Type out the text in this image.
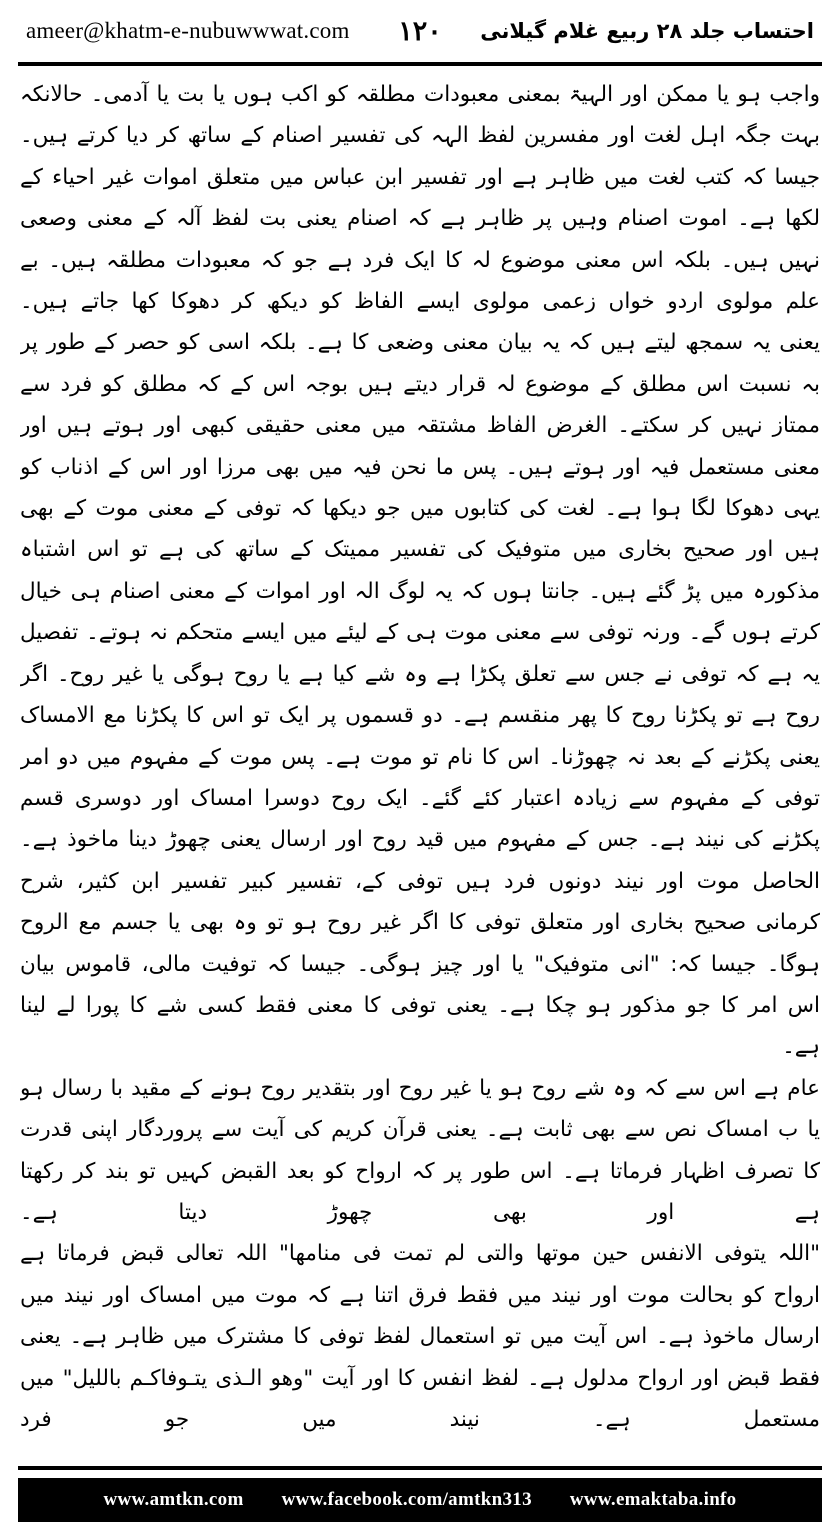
ameer@khatm-e-nubuwwwat.com ۱۲۰ احتساب جلد ۲۸ ربیع غلام گیلانی

واجب ہو یا ممکن اور الہیۃ بمعنی معبودات مطلقہ کو اکب ہوں یا بت یا آدمی۔ حالانکہ بہت جگہ اہل لغت اور مفسرین لفظ الہہ کی تفسیر اصنام کے ساتھ کر دیا کرتے ہیں۔ جیسا کہ کتب لغت میں ظاہر ہے اور تفسیر ابن عباس میں متعلق اموات غیر احیاء کے لکھا ہے۔ اموت اصنام وہیں پر ظاہر ہے کہ اصنام یعنی بت لفظ آلہ کے معنی وصعی نہیں ہیں۔ بلکہ اس معنی موضوع لہ کا ایک فرد ہے جو کہ معبودات مطلقہ ہیں۔ بے علم مولوی اردو خواں زعمی مولوی ایسے الفاظ کو دیکھ کر دھوکا کھا جاتے ہیں۔

یعنی یہ سمجھ لیتے ہیں کہ یہ بیان معنی وضعی کا ہے۔ بلکہ اسی کو حصر کے طور پر بہ نسبت اس مطلق کے موضوع لہ قرار دیتے ہیں بوجہ اس کے کہ مطلق کو فرد سے ممتاز نہیں کر سکتے۔ الغرض الفاظ مشتقہ میں معنی حقیقی کبھی اور ہوتے ہیں اور معنی مستعمل فیہ اور ہوتے ہیں۔ پس ما نحن فیہ میں بھی مرزا اور اس کے اذناب کو یہی دھوکا لگا ہوا ہے۔ لغت کی کتابوں میں جو دیکھا کہ توفی کے معنی موت کے بھی ہیں اور صحیح بخاری میں متوفیک کی تفسیر ممیتک کے ساتھ کی ہے تو اس اشتباہ مذکورہ میں پڑ گئے ہیں۔ جانتا ہوں کہ یہ لوگ الہ اور اموات کے معنی اصنام ہی خیال کرتے ہوں گے۔ ورنہ توفی سے معنی موت ہی کے لیئے میں ایسے متحکم نہ ہوتے۔ تفصیل یہ ہے کہ توفی نے جس سے تعلق پکڑا ہے وہ شے کیا ہے یا روح ہوگی یا غیر روح۔ اگر روح ہے تو پکڑنا روح کا پھر منقسم ہے۔ دو قسموں پر ایک تو اس کا پکڑنا مع الامساک یعنی پکڑنے کے بعد نہ چھوڑنا۔ اس کا نام تو موت ہے۔ پس موت کے مفہوم میں دو امر توفی کے مفہوم سے زیادہ اعتبار کئے گئے۔ ایک روح دوسرا امساک اور دوسری قسم پکڑنے کی نیند ہے۔ جس کے مفہوم میں قید روح اور ارسال یعنی چھوڑ دینا ماخوذ ہے۔ الحاصل موت اور نیند دونوں فرد ہیں توفی کے، تفسیر کبیر تفسیر ابن کثیر، شرح کرمانی صحیح بخاری اور متعلق توفی کا اگر غیر روح ہو تو وہ بھی یا جسم مع الروح ہوگا۔ جیسا کہ: "انی متوفیک" یا اور چیز ہوگی۔ جیسا کہ توفیت مالی، قاموس بیان اس امر کا جو مذکور ہو چکا ہے۔ یعنی توفی کا معنی فقط کسی شے کا پورا لے لینا ہے۔

عام ہے اس سے کہ وہ شے روح ہو یا غیر روح اور بتقدیر روح ہونے کے مقید با رسال ہو یا ب امساک نص سے بھی ثابت ہے۔ یعنی قرآن کریم کی آیت سے پروردگار اپنی قدرت کا تصرف اظہار فرماتا ہے۔ اس طور پر کہ ارواح کو بعد القبض کہیں تو بند کر رکھتا ہے اور بھی چھوڑ دیتا ہے۔

"اللہ یتوفی الانفس حین موتھا والتی لم تمت فی منامھا" اللہ تعالی قبض فرماتا ہے ارواح کو بحالت موت اور نیند میں فقط فرق اتنا ہے کہ موت میں امساک اور نیند میں ارسال ماخوذ ہے۔ اس آیت میں تو استعمال لفظ توفی کا مشترک میں ظاہر ہے۔ یعنی فقط قبض اور ارواح مدلول ہے۔ لفظ انفس کا اور آیت "وھو الـذی یتـوفاکـم باللیل" میں مستعمل ہے۔ نیند میں جو فرد

www.amtkn.com www.facebook.com/amtkn313 www.emaktaba.info
